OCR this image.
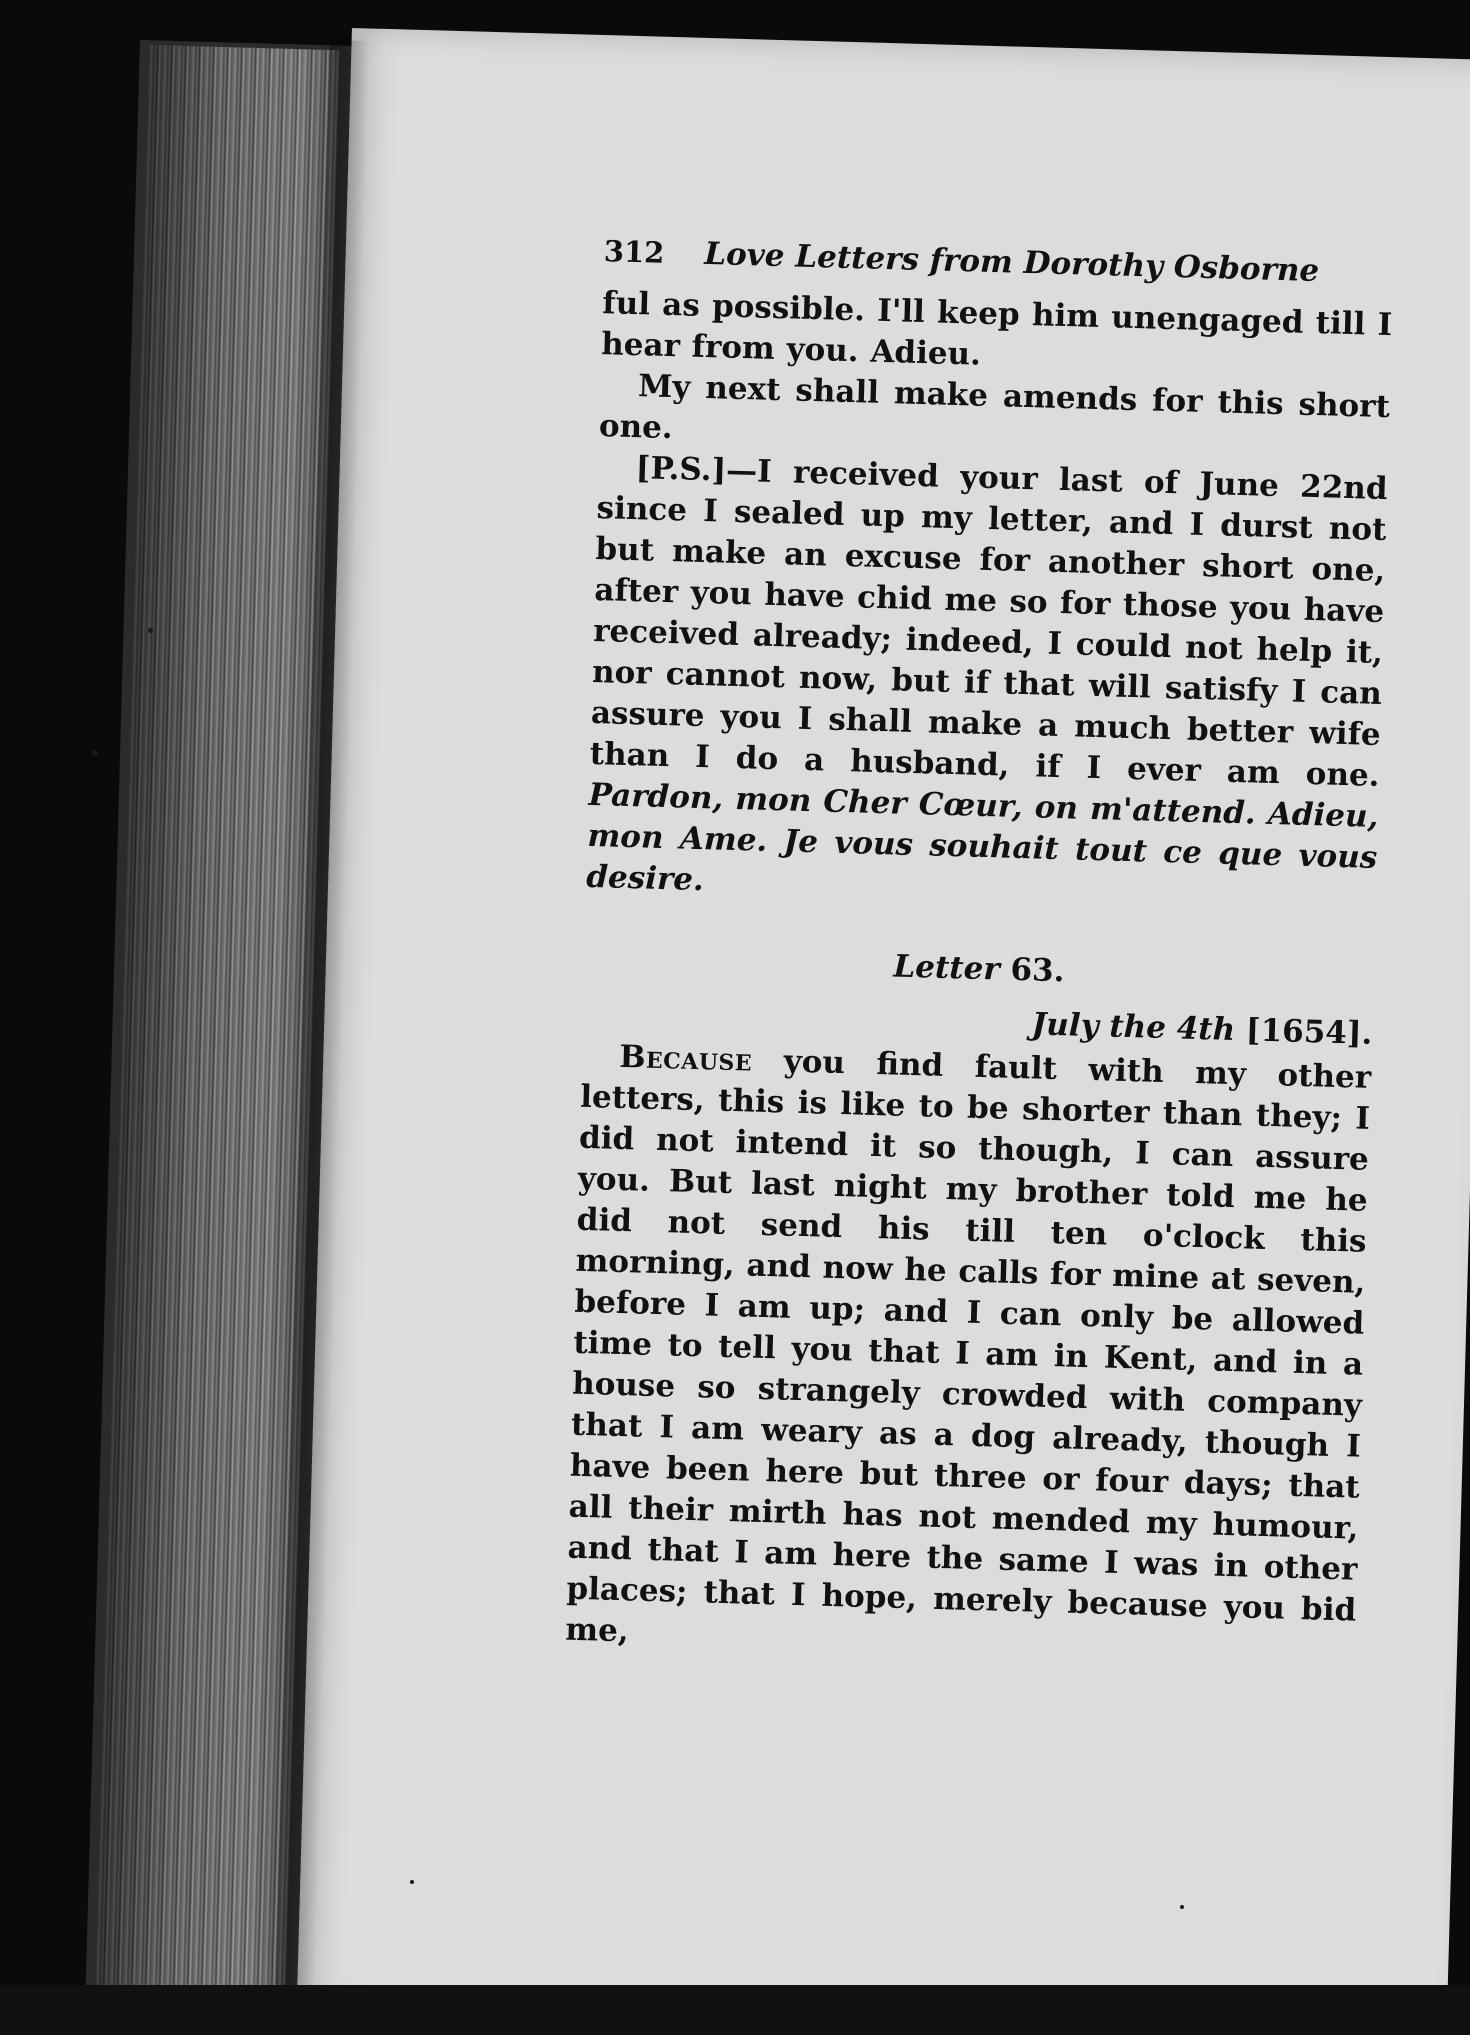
312 Love Letters from Dorothy Osborne

ful as possible. I'll keep him unengaged till I hear from you. Adieu.

My next shall make amends for this short one.

[P.S.]—I received your last of June 22nd since I sealed up my letter, and I durst not but make an excuse for another short one, after you have chid me so for those you have received already; indeed, I could not help it, nor cannot now, but if that will satisfy I can assure you I shall make a much better wife than I do a husband, if I ever am one. Pardon, mon Cher Cœur, on m'attend. Adieu, mon Ame. Je vous souhait tout ce que vous desire.

Letter 63.
July the 4th [1654].

Because you find fault with my other letters, this is like to be shorter than they; I did not intend it so though, I can assure you. But last night my brother told me he did not send his till ten o'clock this morning, and now he calls for mine at seven, before I am up; and I can only be allowed time to tell you that I am in Kent, and in a house so strangely crowded with company that I am weary as a dog already, though I have been here but three or four days; that all their mirth has not mended my humour, and that I am here the same I was in other places; that I hope, merely because you bid me,
